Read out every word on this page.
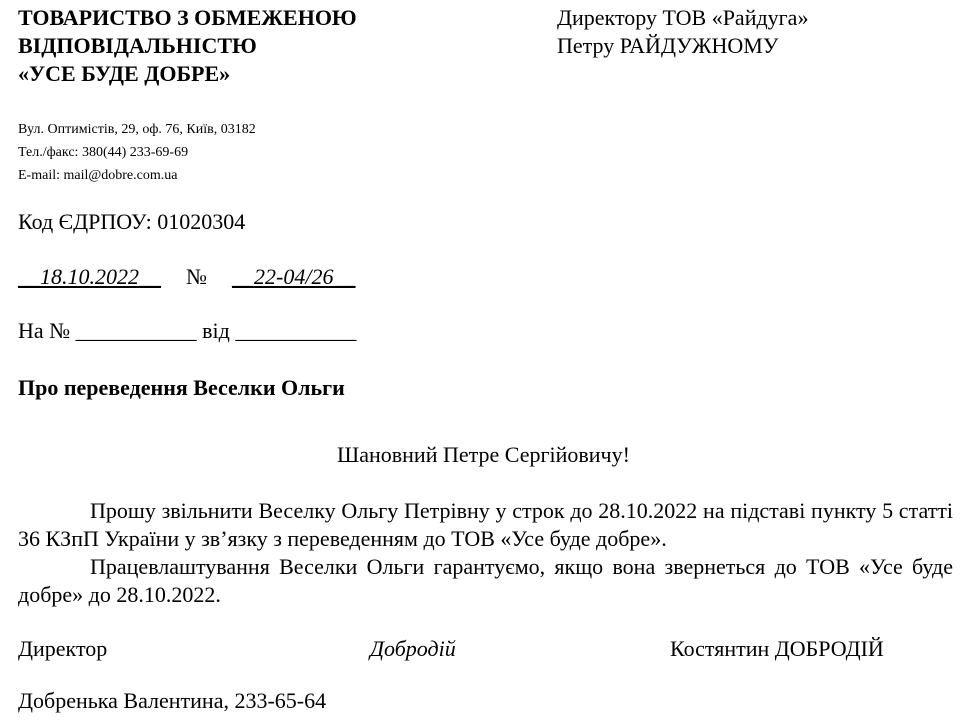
ТОВАРИСТВО З ОБМЕЖЕНОЮ
ВІДПОВІДАЛЬНІСТЮ
«УСЕ БУДЕ ДОБРЕ»
Директору ТОВ «Райдуга»
Петру РАЙДУЖНОМУ
Вул. Оптимістів, 29, оф. 76, Київ, 03182
Тел./факс: 380(44) 233-69-69
E-mail: mail@dobre.com.ua
Код ЄДРПОУ: 01020304
__18.10.2022__ № __22-04/26__
На № ___________ від ___________
Про переведення Веселки Ольги
Шановний Петре Сергійовичу!

Прошу звільнити Веселку Ольгу Петрівну у строк до 28.10.2022 на підставі пункту 5 статті 36 КЗпП України у зв’язку з переведенням до ТОВ «Усе буде добре».

Працевлаштування Веселки Ольги гарантуємо, якщо вона звернеться до ТОВ «Усе буде добре» до 28.10.2022.

Директор	Добродій	Костянтин ДОБРОДІЙ
Добренька Валентина, 233-65-64
